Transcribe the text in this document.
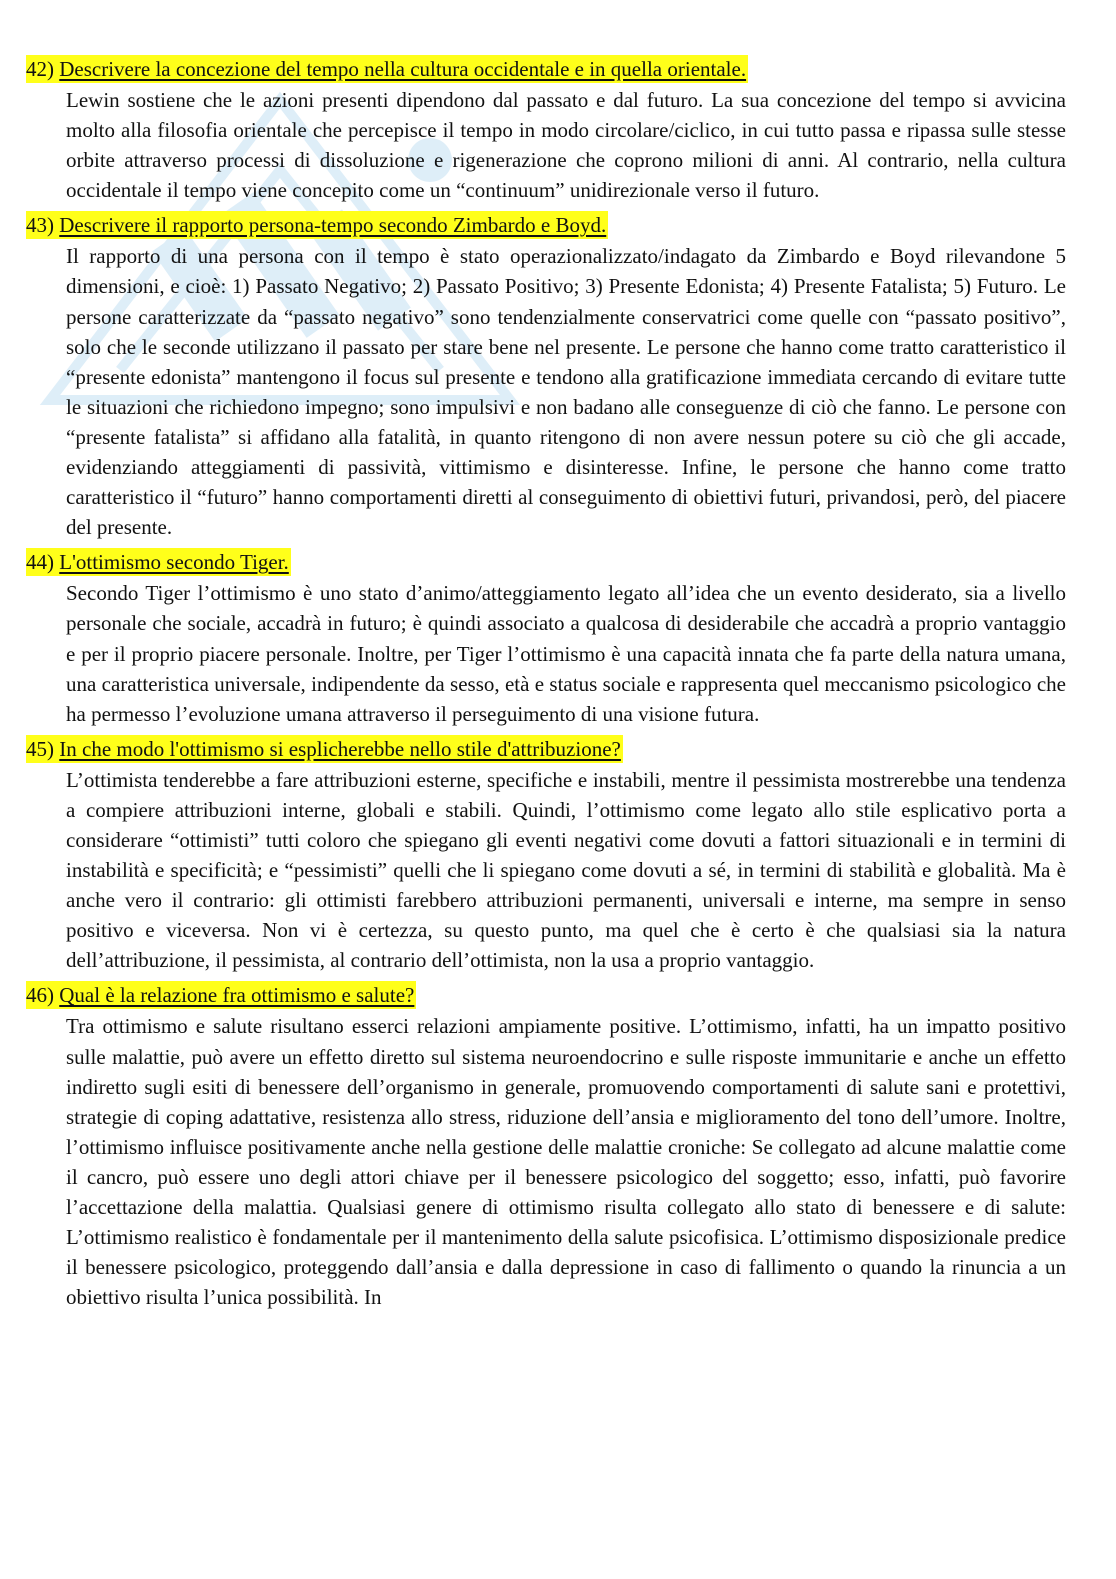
42) Descrivere la concezione del tempo nella cultura occidentale e in quella orientale.
Lewin sostiene che le azioni presenti dipendono dal passato e dal futuro. La sua concezione del tempo si avvicina molto alla filosofia orientale che percepisce il tempo in modo circolare/ciclico, in cui tutto passa e ripassa sulle stesse orbite attraverso processi di dissoluzione e rigenerazione che coprono milioni di anni. Al contrario, nella cultura occidentale il tempo viene concepito come un “continuum” unidirezionale verso il futuro.
43) Descrivere il rapporto persona-tempo secondo Zimbardo e Boyd.
Il rapporto di una persona con il tempo è stato operazionalizzato/indagato da Zimbardo e Boyd rilevandone 5 dimensioni, e cioè: 1) Passato Negativo; 2) Passato Positivo; 3) Presente Edonista; 4) Presente Fatalista; 5) Futuro. Le persone caratterizzate da “passato negativo” sono tendenzialmente conservatrici come quelle con “passato positivo”, solo che le seconde utilizzano il passato per stare bene nel presente. Le persone che hanno come tratto caratteristico il “presente edonista” mantengono il focus sul presente e tendono alla gratificazione immediata cercando di evitare tutte le situazioni che richiedono impegno; sono impulsivi e non badano alle conseguenze di ciò che fanno. Le persone con “presente fatalista” si affidano alla fatalità, in quanto ritengono di non avere nessun potere su ciò che gli accade, evidenziando atteggiamenti di passività, vittimismo e disinteresse. Infine, le persone che hanno come tratto caratteristico il “futuro” hanno comportamenti diretti al conseguimento di obiettivi futuri, privandosi, però, del piacere del presente.
44) L'ottimismo secondo Tiger.
Secondo Tiger l’ottimismo è uno stato d’animo/atteggiamento legato all’idea che un evento desiderato, sia a livello personale che sociale, accadrà in futuro; è quindi associato a qualcosa di desiderabile che accadrà a proprio vantaggio e per il proprio piacere personale. Inoltre, per Tiger l’ottimismo è una capacità innata che fa parte della natura umana, una caratteristica universale, indipendente da sesso, età e status sociale e rappresenta quel meccanismo psicologico che ha permesso l’evoluzione umana attraverso il perseguimento di una visione futura.
45) In che modo l'ottimismo si esplicherebbe nello stile d'attribuzione?
L’ottimista tenderebbe a fare attribuzioni esterne, specifiche e instabili, mentre il pessimista mostrerebbe una tendenza a compiere attribuzioni interne, globali e stabili. Quindi, l’ottimismo come legato allo stile esplicativo porta a considerare “ottimisti” tutti coloro che spiegano gli eventi negativi come dovuti a fattori situazionali e in termini di instabilità e specificità; e “pessimisti” quelli che li spiegano come dovuti a sé, in termini di stabilità e globalità. Ma è anche vero il contrario: gli ottimisti farebbero attribuzioni permanenti, universali e interne, ma sempre in senso positivo e viceversa. Non vi è certezza, su questo punto, ma quel che è certo è che qualsiasi sia la natura dell’attribuzione, il pessimista, al contrario dell’ottimista, non la usa a proprio vantaggio.
46) Qual è la relazione fra ottimismo e salute?
Tra ottimismo e salute risultano esserci relazioni ampiamente positive. L’ottimismo, infatti, ha un impatto positivo sulle malattie, può avere un effetto diretto sul sistema neuroendocrino e sulle risposte immunitarie e anche un effetto indiretto sugli esiti di benessere dell’organismo in generale, promuovendo comportamenti di salute sani e protettivi, strategie di coping adattative, resistenza allo stress, riduzione dell’ansia e miglioramento del tono dell’umore. Inoltre, l’ottimismo influisce positivamente anche nella gestione delle malattie croniche: Se collegato ad alcune malattie come il cancro, può essere uno degli attori chiave per il benessere psicologico del soggetto; esso, infatti, può favorire l’accettazione della malattia. Qualsiasi genere di ottimismo risulta collegato allo stato di benessere e di salute: L’ottimismo realistico è fondamentale per il mantenimento della salute psicofisica. L’ottimismo disposizionale predice il benessere psicologico, proteggendo dall’ansia e dalla depressione in caso di fallimento o quando la rinuncia a un obiettivo risulta l’unica possibilità. In
